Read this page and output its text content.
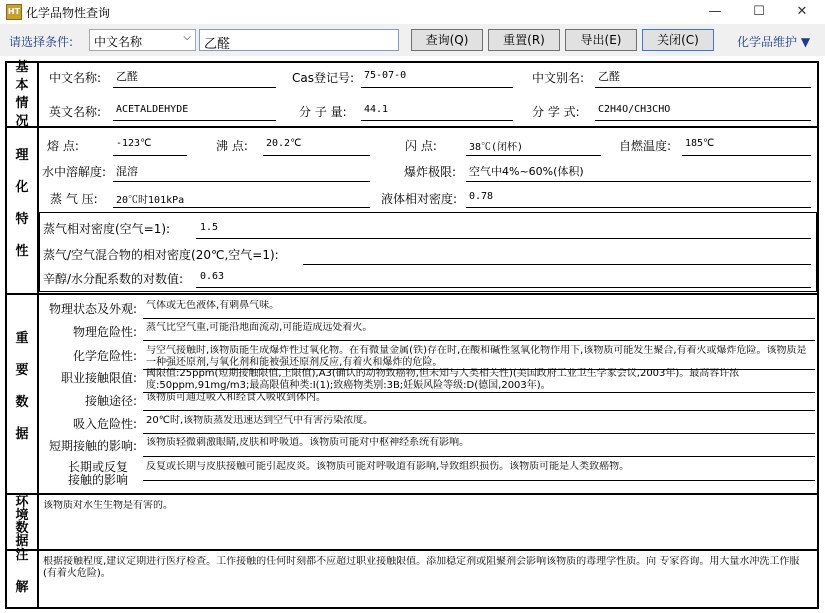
HT 化学品物性查询	—	☐	✕
请选择条件:	中文名称	⌵	乙醛	查询(Q)	重置(R)	导出(E)	关闭(C)	化学品维护 ▼
基
本
情
况
理
化
特
性
重
要
数
据
环
境
数
据
注
解
中文名称: 乙醛	Cas登记号: 75-07-0	中文别名: 乙醛
英文名称: ACETALDEHYDE	分 子 量: 44.1	分 学 式: C2H4O/CH3CHO
熔 点:	-123℃	沸 点: 20.2℃	闪 点:	38℃(闭杯)	自燃温度: 185℃
水中溶解度: 混溶	爆炸极限: 空气中4%~60%(体积)
蒸 气 压: 20℃时101kPa	液体相对密度: 0.78
蒸气相对密度(空气=1):	1.5
蒸气/空气混合物的相对密度(20℃,空气=1):
辛醇/水分配系数的对数值: 0.63
物理状态及外观: 气体或无色液体,有刺鼻气味。
物理危险性: 蒸气比空气重,可能沿地面流动,可能造成远处着火。
化学危险性: 与空气接触时,该物质能生成爆炸性过氧化物。在有微量金属(铁)存在时,在酸和碱性氢氧化物作用下,该物质可能发生聚合,有着火或爆炸危险。该物质是一种强还原剂,与氧化剂和能被强还原剂反应,有着火和爆炸的危险。
职业接触限值: 阈限值:25ppm(短期接触限值,上限值),A3(确认的动物致癌物,但未知与人类相关性)(美国政府工业卫生学家会议,2003年)。最高容许浓度:50ppm,91mg/m3;最高限值种类:I(1);致癌物类别:3B;妊娠风险等级:D(德国,2003年)。
接触途径: 该物质可通过吸入和经食入吸收到体内。
吸入危险性: 20℃时,该物质蒸发迅速达到空气中有害污染浓度。
短期接触的影响: 该物质轻微刺激眼睛,皮肤和呼吸道。该物质可能对中枢神经系统有影响。
长期或反复
接触的影响
反复或长期与皮肤接触可能引起皮炎。该物质可能对呼吸道有影响,导致组织损伤。该物质可能是人类致癌物。
该物质对水生生物是有害的。
根据接触程度,建议定期进行医疗检查。工作接触的任何时刻都不应超过职业接触限值。添加稳定剂或阻聚剂会影响该物质的毒理学性质。向 专家咨询。用大量水冲洗工作服(有着火危险)。
